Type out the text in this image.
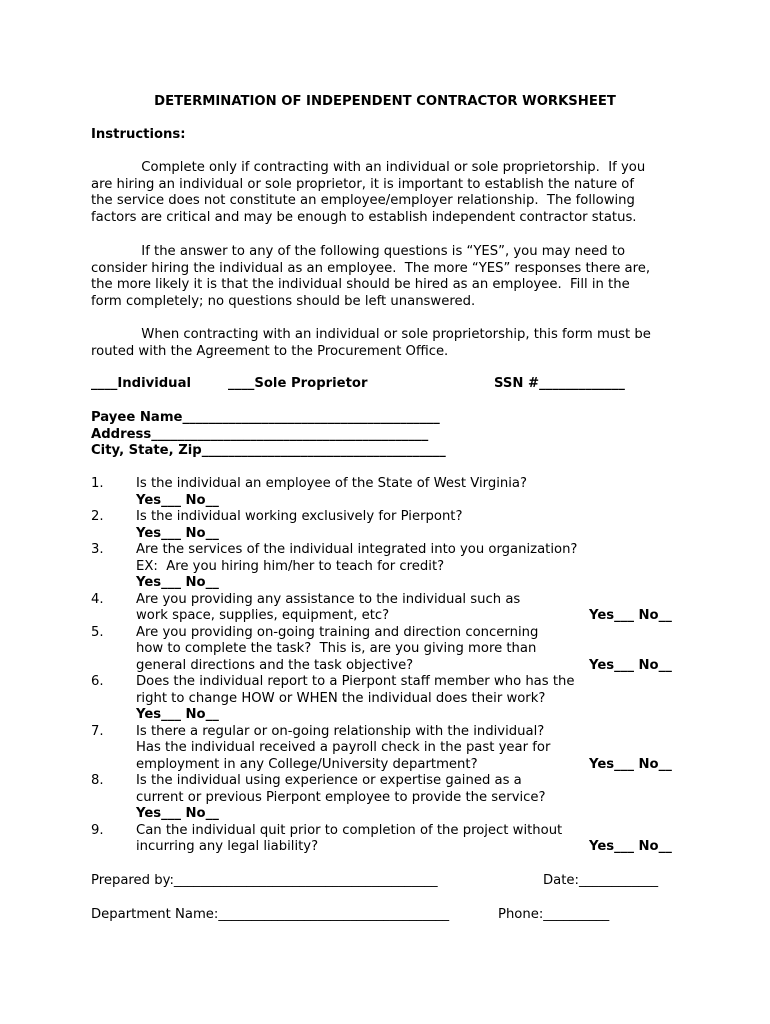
DETERMINATION OF INDEPENDENT CONTRACTOR WORKSHEET
Instructions:
Complete only if contracting with an individual or sole proprietorship.  If you
are hiring an individual or sole proprietor, it is important to establish the nature of
the service does not constitute an employee/employer relationship.  The following
factors are critical and may be enough to establish independent contractor status.
If the answer to any of the following questions is “YES”, you may need to
consider hiring the individual as an employee.  The more “YES” responses there are,
the more likely it is that the individual should be hired as an employee.  Fill in the
form completely; no questions should be left unanswered.
When contracting with an individual or sole proprietorship, this form must be
routed with the Agreement to the Procurement Office.
____Individual	____Sole Proprietor	SSN #_____________
Payee Name_______________________________________
Address__________________________________________
City, State, Zip_____________________________________
1. Is the individual an employee of the State of West Virginia?
Yes___ No__
2. Is the individual working exclusively for Pierpont?
Yes___ No__
3. Are the services of the individual integrated into you organization?
EX:  Are you hiring him/her to teach for credit?
Yes___ No__
4. Are you providing any assistance to the individual such as
work space, supplies, equipment, etc?	Yes___ No__
5. Are you providing on-going training and direction concerning
how to complete the task?  This is, are you giving more than
general directions and the task objective?	Yes___ No__
6. Does the individual report to a Pierpont staff member who has the
right to change HOW or WHEN the individual does their work?
Yes___ No__
7. Is there a regular or on-going relationship with the individual?
Has the individual received a payroll check in the past year for
employment in any College/University department?	Yes___ No__
8. Is the individual using experience or expertise gained as a
current or previous Pierpont employee to provide the service?
Yes___ No__
9. Can the individual quit prior to completion of the project without
incurring any legal liability?	Yes___ No__
Prepared by:________________________________________	Date:____________
Department Name:___________________________________	Phone:__________
